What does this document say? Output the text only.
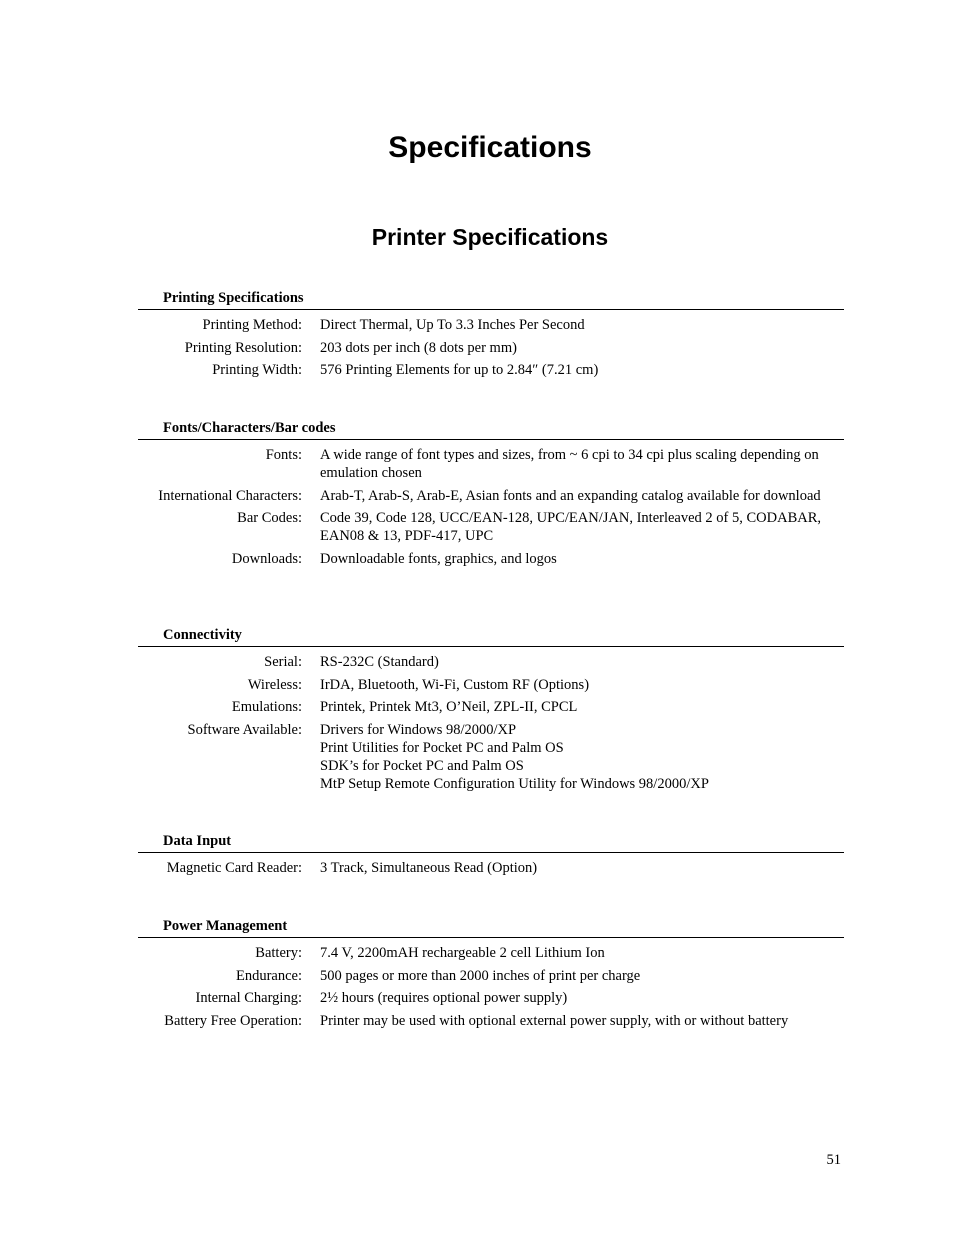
Specifications
Printer Specifications
Printing Specifications
Printing Method: Direct Thermal, Up To 3.3 Inches Per Second
Printing Resolution: 203 dots per inch (8 dots per mm)
Printing Width: 576 Printing Elements for up to 2.84″ (7.21 cm)
Fonts/Characters/Bar codes
Fonts: A wide range of font types and sizes, from ~ 6 cpi to 34 cpi plus scaling depending on emulation chosen
International Characters: Arab-T, Arab-S, Arab-E, Asian fonts and an expanding catalog available for download
Bar Codes: Code 39, Code 128, UCC/EAN-128, UPC/EAN/JAN, Interleaved 2 of 5, CODABAR, EAN08 & 13, PDF-417, UPC
Downloads: Downloadable fonts, graphics, and logos
Connectivity
Serial: RS-232C (Standard)
Wireless: IrDA, Bluetooth, Wi-Fi, Custom RF (Options)
Emulations: Printek, Printek Mt3, O’Neil, ZPL-II, CPCL
Software Available: Drivers for Windows 98/2000/XP
Print Utilities for Pocket PC and Palm OS
SDK’s for Pocket PC and Palm OS
MtP Setup Remote Configuration Utility for Windows 98/2000/XP
Data Input
Magnetic Card Reader: 3 Track, Simultaneous Read (Option)
Power Management
Battery: 7.4 V, 2200mAH rechargeable 2 cell Lithium Ion
Endurance: 500 pages or more than 2000 inches of print per charge
Internal Charging: 2½ hours (requires optional power supply)
Battery Free Operation: Printer may be used with optional external power supply, with or without battery
51
